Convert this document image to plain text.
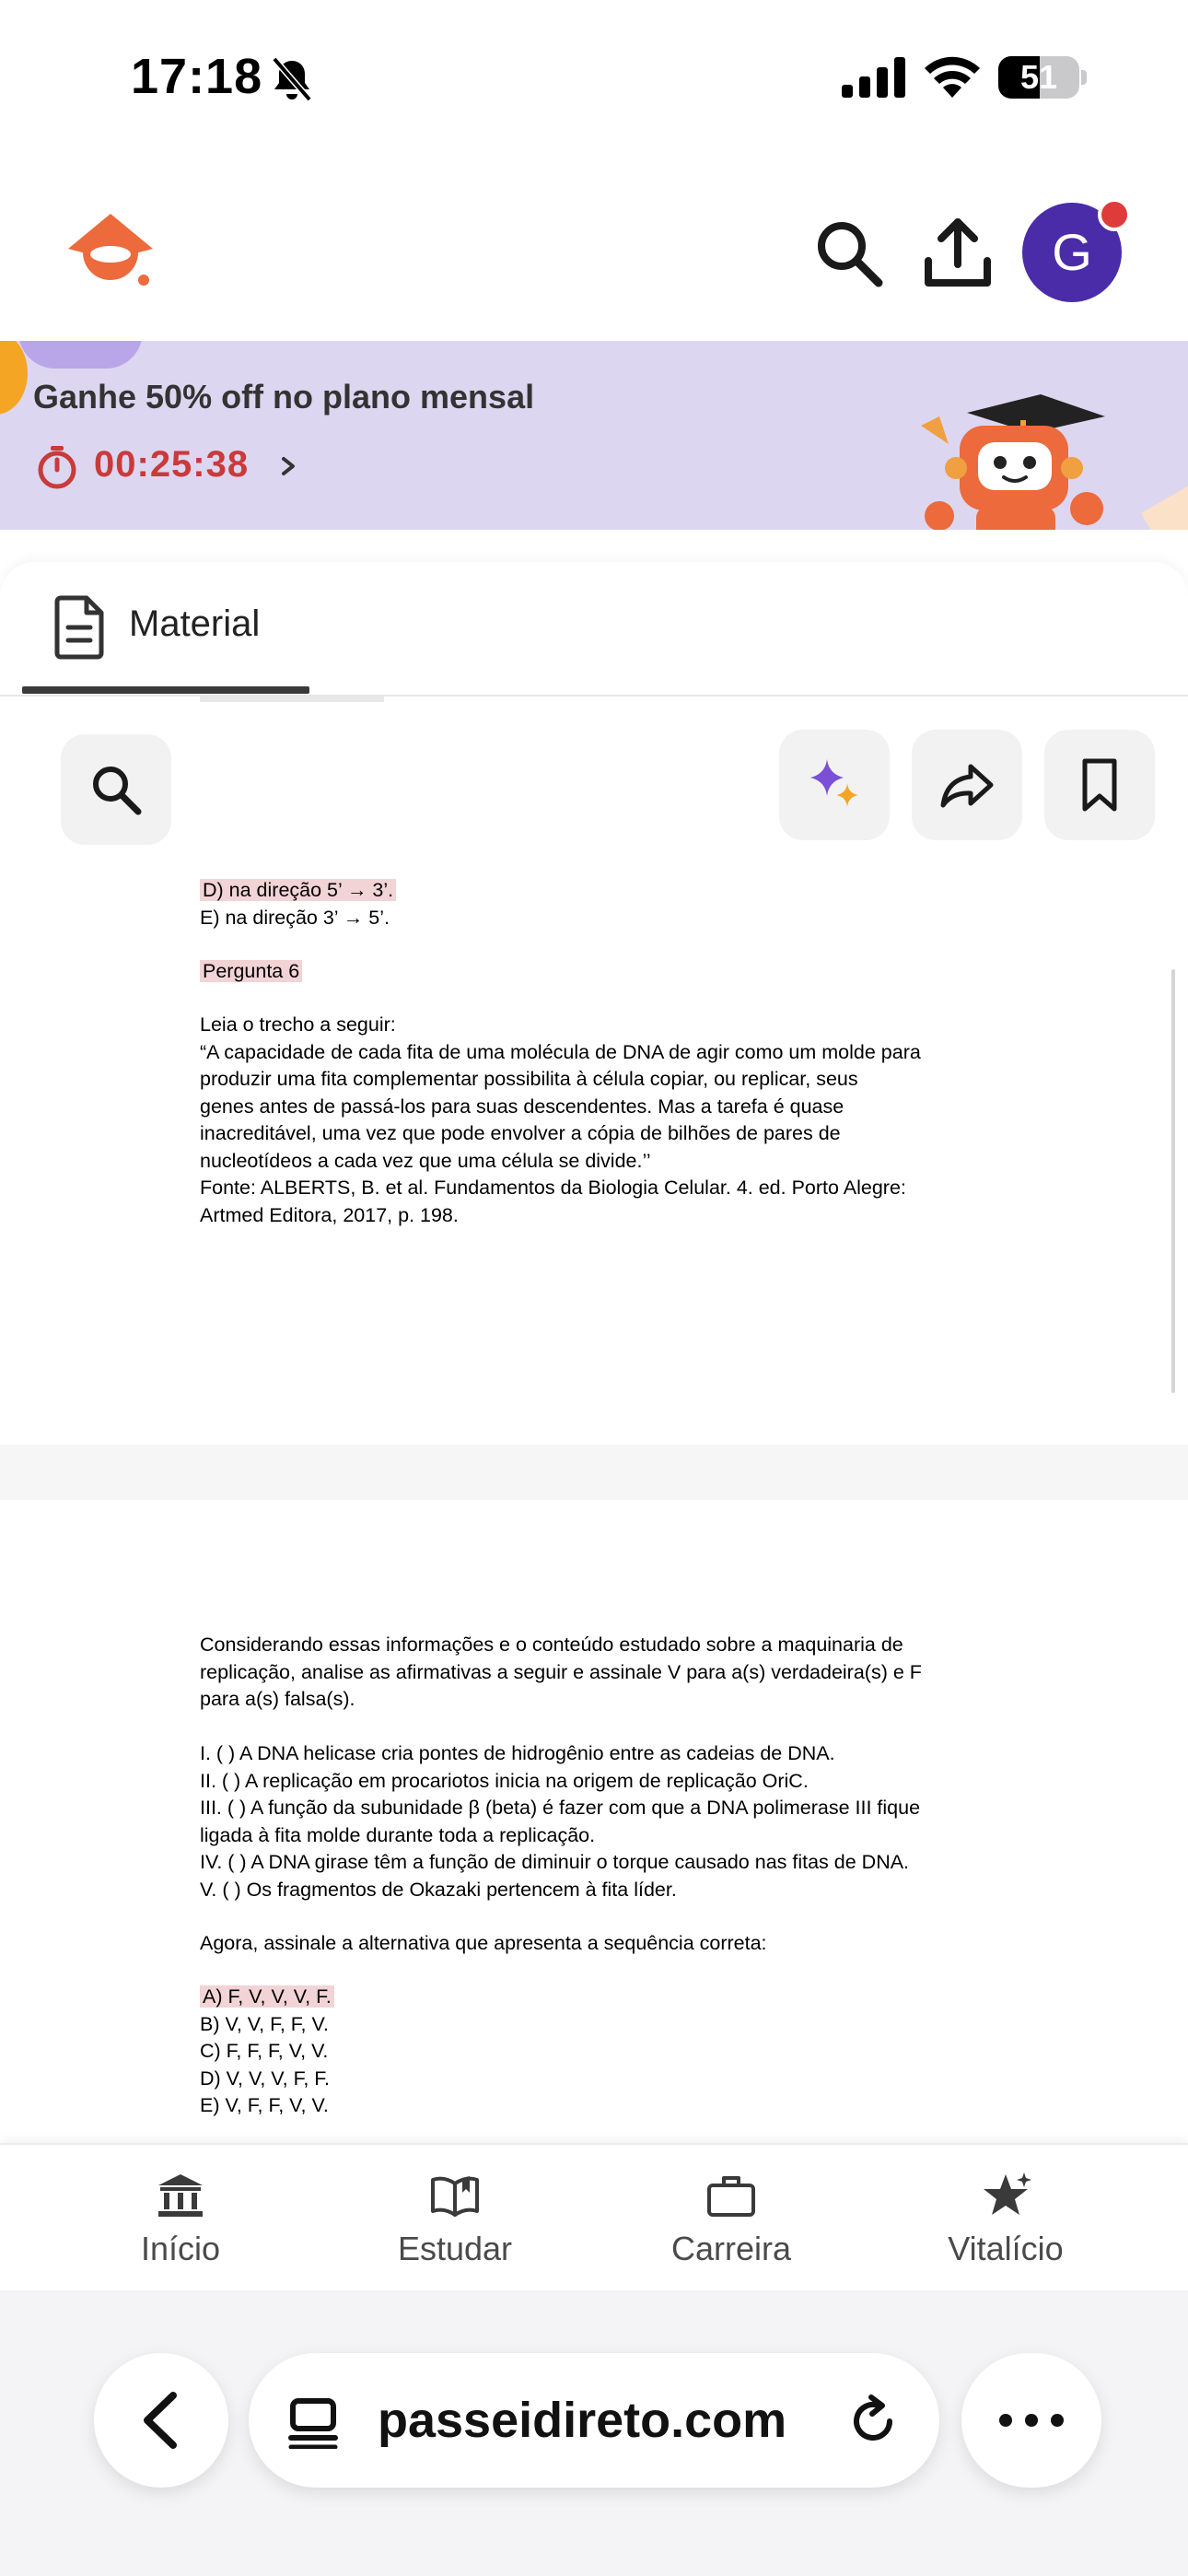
17:18	51
G
Ganhe 50% off no plano mensal
00:25:38
Material

D) na direção 5’ → 3’.

E) na direção 3’ → 5’.

Pergunta 6

Leia o trecho a seguir:

“A capacidade de cada fita de uma molécula de DNA de agir como um molde para

produzir uma fita complementar possibilita à célula copiar, ou replicar, seus

genes antes de passá-los para suas descendentes. Mas a tarefa é quase

inacreditável, uma vez que pode envolver a cópia de bilhões de pares de

nucleotídeos a cada vez que uma célula se divide.’’

Fonte: ALBERTS, B. et al. Fundamentos da Biologia Celular. 4. ed. Porto Alegre:

Artmed Editora, 2017, p. 198.

Considerando essas informações e o conteúdo estudado sobre a maquinaria de

replicação, analise as afirmativas a seguir e assinale V para a(s) verdadeira(s) e F

para a(s) falsa(s).

I. ( ) A DNA helicase cria pontes de hidrogênio entre as cadeias de DNA.

II. ( ) A replicação em procariotos inicia na origem de replicação OriC.

III. ( ) A função da subunidade β (beta) é fazer com que a DNA polimerase III fique

ligada à fita molde durante toda a replicação.

IV. ( ) A DNA girase têm a função de diminuir o torque causado nas fitas de DNA.

V. ( ) Os fragmentos de Okazaki pertencem à fita líder.

Agora, assinale a alternativa que apresenta a sequência correta:

A) F, V, V, V, F.

B) V, V, F, F, V.

C) F, F, F, V, V.

D) V, V, V, F, F.

E) V, F, F, V, V.

Início	Estudar	Carreira	Vitalício
passeidireto.com
